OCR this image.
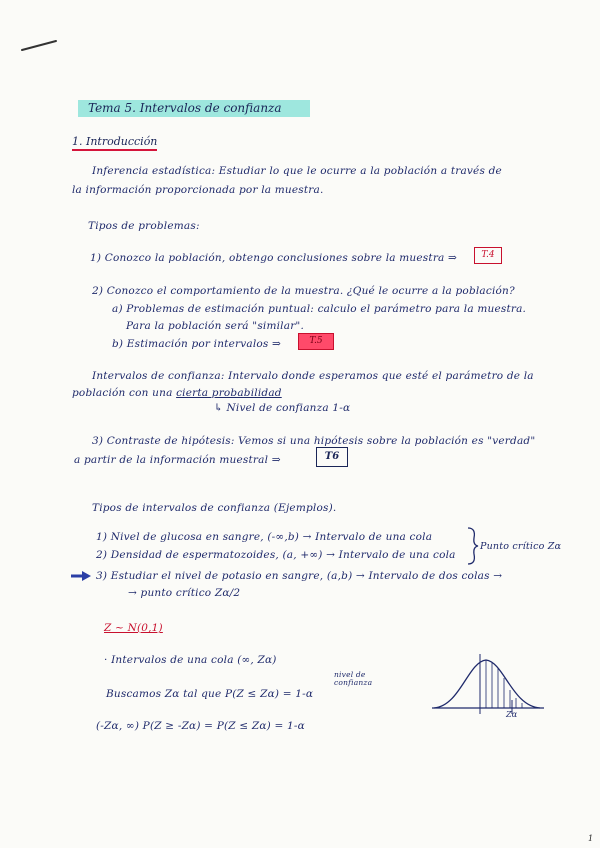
Tema 5. Intervalos de confianza
1. Introducción
Inferencia estadística: Estudiar lo que le ocurre a la población a través de
la información proporcionada por la muestra.
Tipos de problemas:
1) Conozco la población, obtengo conclusiones sobre la muestra ⇒	T.4
2) Conozco el comportamiento de la muestra. ¿Qué le ocurre a la población?
a) Problemas de estimación puntual: calculo el parámetro para la muestra.
Para la población será "similar".
b) Estimación por intervalos ⇒	T.5
Intervalos de confianza: Intervalo donde esperamos que esté el parámetro de la
población con una cierta probabilidad
↳ Nivel de confianza 1-α
3) Contraste de hipótesis: Vemos si una hipótesis sobre la población es "verdad"
a partir de la información muestral ⇒	T6
Tipos de intervalos de confianza (Ejemplos).
1) Nivel de glucosa en sangre, (-∞,b) → Intervalo de una cola
2) Densidad de espermatozoides, (a, +∞) → Intervalo de una cola
Punto crítico Zα
3) Estudiar el nivel de potasio en sangre, (a,b) → Intervalo de dos colas →
→ punto crítico Zα/2
Z ~ N(0,1)
· Intervalos de una cola (∞, Zα)
nivel de confianza
Buscamos Zα tal que P(Z ≤ Zα) = 1-α
(-Zα, ∞) P(Z ≥ -Zα) = P(Z ≤ Zα) = 1-α
Zα
1
